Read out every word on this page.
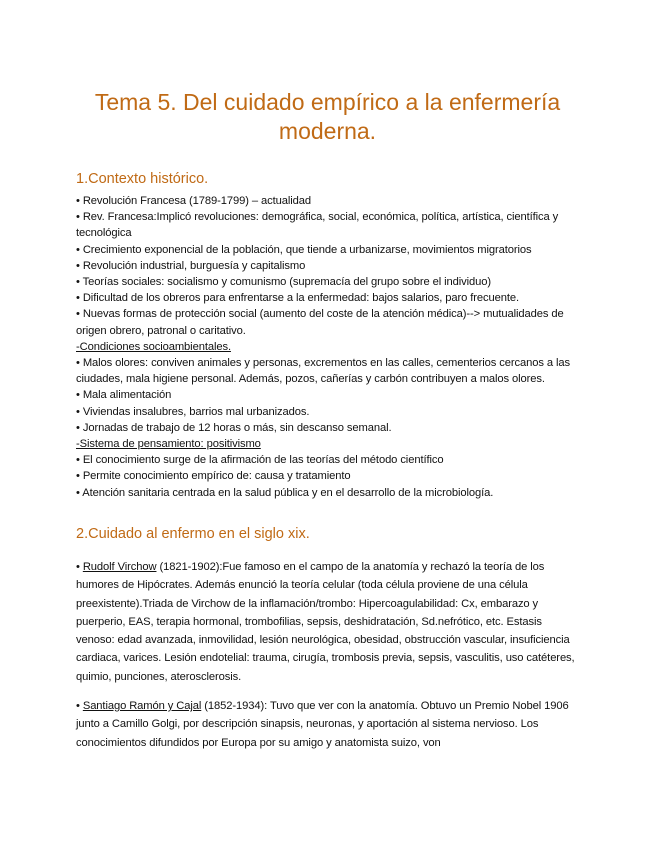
Tema 5. Del cuidado empírico a la enfermería moderna.
1.Contexto histórico.
• Revolución Francesa (1789-1799) – actualidad
• Rev. Francesa:Implicó revoluciones: demográfica, social, económica, política, artística, científica y tecnológica
• Crecimiento exponencial de la población, que tiende a urbanizarse, movimientos migratorios
• Revolución industrial, burguesía y capitalismo
• Teorías sociales: socialismo y comunismo (supremacía del grupo sobre el individuo)
• Dificultad de los obreros para enfrentarse a la enfermedad: bajos salarios, paro frecuente.
• Nuevas formas de protección social (aumento del coste de la atención médica)--> mutualidades de origen obrero, patronal o caritativo.
-Condiciones socioambientales.
• Malos olores: conviven animales y personas, excrementos en las calles, cementerios cercanos a las ciudades, mala higiene personal. Además, pozos, cañerías y carbón contribuyen a malos olores.
• Mala alimentación
• Viviendas insalubres, barrios mal urbanizados.
• Jornadas de trabajo de 12 horas o más, sin descanso semanal.
-Sistema de pensamiento: positivismo
• El conocimiento surge de la afirmación de las teorías del método científico
• Permite conocimiento empírico de: causa y tratamiento
• Atención sanitaria centrada en la salud pública y en el desarrollo de la microbiología.
2.Cuidado al enfermo en el siglo xix.
• Rudolf Virchow (1821-1902):Fue famoso en el campo de la anatomía y rechazó la teoría de los humores de Hipócrates. Además enunció la teoría celular (toda célula proviene de una célula preexistente).Triada de Virchow de la inflamación/trombo: Hipercoagulabilidad: Cx, embarazo y puerperio, EAS, terapia hormonal, trombofilias, sepsis, deshidratación, Sd.nefrótico, etc. Estasis venoso: edad avanzada, inmovilidad, lesión neurológica, obesidad, obstrucción vascular, insuficiencia cardiaca, varices. Lesión endotelial: trauma, cirugía, trombosis previa, sepsis, vasculitis, uso catéteres, quimio, punciones, aterosclerosis.
• Santiago Ramón y Cajal (1852-1934): Tuvo que ver con la anatomía. Obtuvo un Premio Nobel 1906 junto a Camillo Golgi, por descripción sinapsis, neuronas, y aportación al sistema nervioso. Los conocimientos difundidos por Europa por su amigo y anatomista suizo, von
